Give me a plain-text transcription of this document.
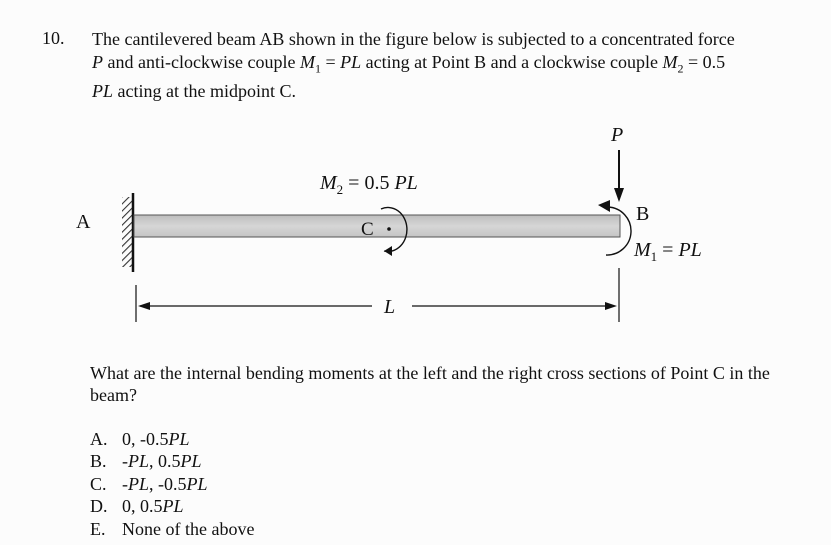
10. The cantilevered beam AB shown in the figure below is subjected to a concentrated force

P and anti-clockwise couple $M_1$ = PL acting at Point B and a clockwise couple $M_2 = 0.5$

PL acting at the midpoint C.

A	B
C
$M_2 = 0.5$ PL
P
$M_1$ = PL
L
What are the internal bending moments at the left and the right cross sections of Point C in the beam?
A. 0, -0.5PL
B. -PL, 0.5PL
C. -PL, -0.5PL
D. 0, 0.5PL
E. None of the above
